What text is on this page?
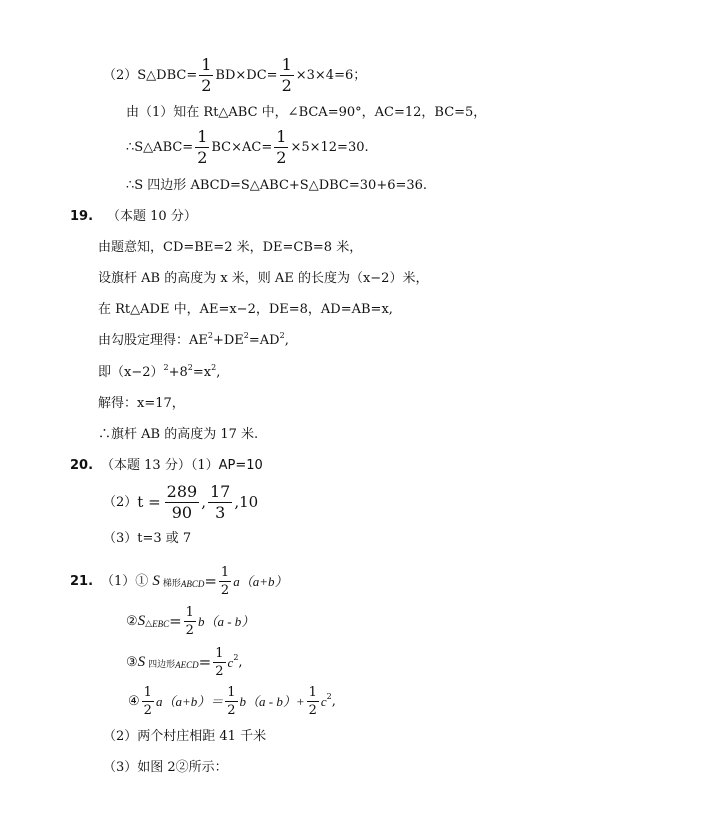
（2）S△DBC= $\frac{1}{2} BD\times DC= \frac{1}{2} \times 3\times 4=6$；
由（1）知在 Rt△ABC 中，∠BCA=90°，AC=12，BC=5，
∴S△ABC= $\frac{1}{2} BC\times AC= \frac{1}{2} \times 5\times 12=30$.
∴S 四边形 ABCD=S△ABC+S△DBC=30+6=36.
19. （本题 10 分）
由题意知，CD=BE=2 米，DE=CB=8 米，
设旗杆 AB 的高度为 x 米，则 AE 的长度为（x−2）米，
在 Rt△ADE 中，AE=x−2，DE=8，AD=AB=x,
由勾股定理得：AE 2 +DE 2 =AD 2 ,
即（x−2） 2 +8 2 =x 2 ,
解得：x=17，
∴旗杆 AB 的高度为 17 米.
20. （本题 13 分）（1） AP=10
（2） $t = \frac{289}{90}$ , $\frac{17}{3} ,10$
（3）t=3 或 7
21. （1）① S 梯形 ABCD = $\frac{1}{2}$ a （a+b）
② S △ EBC = $\frac{1}{2}$ b （a - b）
③ S 四边形 AECD = $\frac{1}{2}$ c 2 ,
④ $\frac{1}{2}$ a $(a+b)= \frac{1}{2}$ b $(a - b)+ \frac{1}{2}$ c 2 ,
（2）两个村庄相距 41 千米
（3）如图 2②所示：
